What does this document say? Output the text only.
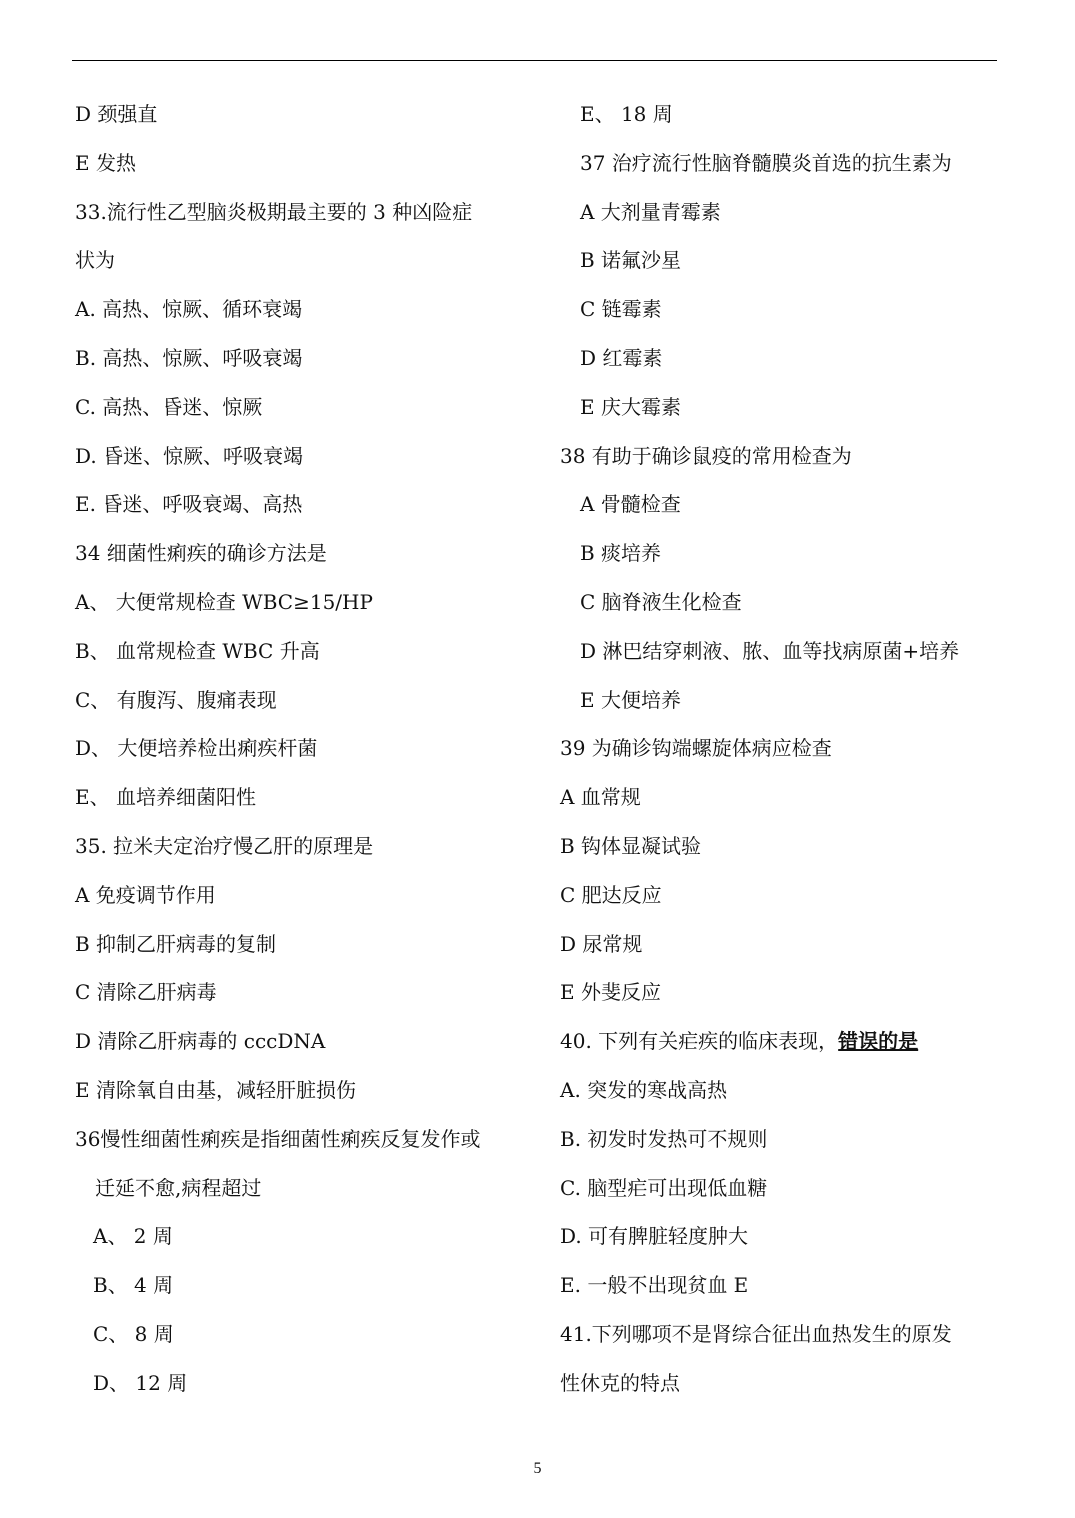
D 颈强直
E 发热
33.流行性乙型脑炎极期最主要的 3 种凶险症
状为
A. 高热、惊厥、循环衰竭
B. 高热、惊厥、呼吸衰竭
C. 高热、昏迷、惊厥
D. 昏迷、惊厥、呼吸衰竭
E. 昏迷、呼吸衰竭、高热
34 细菌性痢疾的确诊方法是
A、 大便常规检查 WBC≥15/HP
B、 血常规检查 WBC 升高
C、 有腹泻、腹痛表现
D、 大便培养检出痢疾杆菌
E、 血培养细菌阳性
35. 拉米夫定治疗慢乙肝的原理是
A 免疫调节作用
B 抑制乙肝病毒的复制
C 清除乙肝病毒
D 清除乙肝病毒的 cccDNA
E 清除氧自由基，减轻肝脏损伤
36慢性细菌性痢疾是指细菌性痢疾反复发作或
迁延不愈,病程超过
A、 2 周
B、 4 周
C、 8 周
D、 12 周
E、 18 周
37 治疗流行性脑脊髓膜炎首选的抗生素为
A 大剂量青霉素
B 诺氟沙星
C 链霉素
D 红霉素
E 庆大霉素
38 有助于确诊鼠疫的常用检查为
A 骨髓检查
B 痰培养
C 脑脊液生化检查
D 淋巴结穿刺液、脓、血等找病原菌+培养
E 大便培养
39 为确诊钩端螺旋体病应检查
A 血常规
B 钩体显凝试验
C 肥达反应
D 尿常规
E 外斐反应
40. 下列有关疟疾的临床表现，错误的是
A. 突发的寒战高热
B. 初发时发热可不规则
C. 脑型疟可出现低血糖
D. 可有脾脏轻度肿大
E. 一般不出现贫血 E
41.下列哪项不是肾综合征出血热发生的原发
性休克的特点
5
